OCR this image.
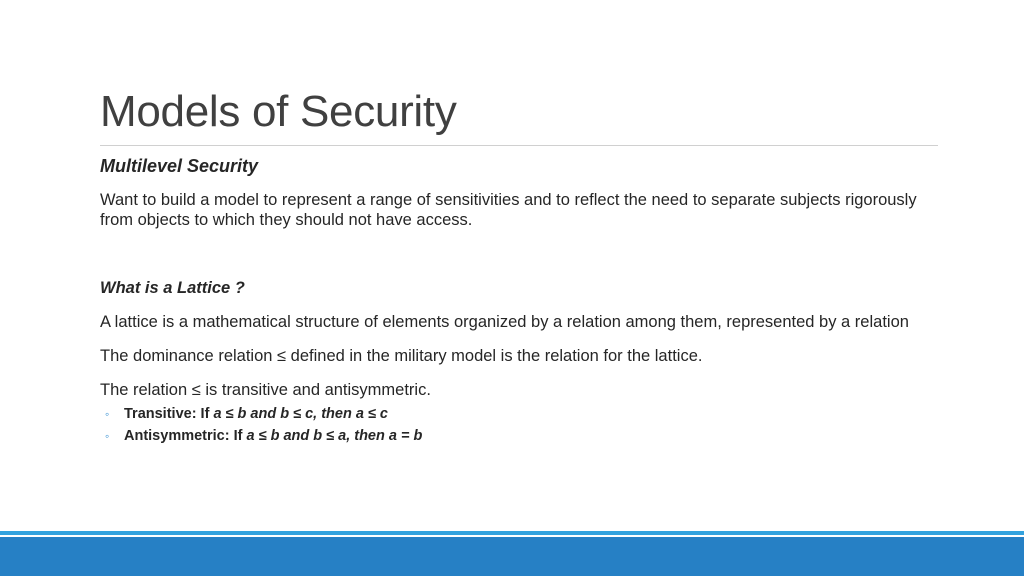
Models of Security

Multilevel Security

Want to build a model to represent a range of sensitivities and to reflect the need to separate subjects rigorously from objects to which they should not have access.

What is a Lattice ?

A lattice is a mathematical structure of elements organized by a relation among them, represented by a relation

The dominance relation ≤ defined in the military model is the relation for the lattice.

The relation ≤ is transitive and antisymmetric.

◦ Transitive: If a ≤ b and b ≤ c, then a ≤ c
◦ Antisymmetric: If a ≤ b and b ≤ a, then a = b
